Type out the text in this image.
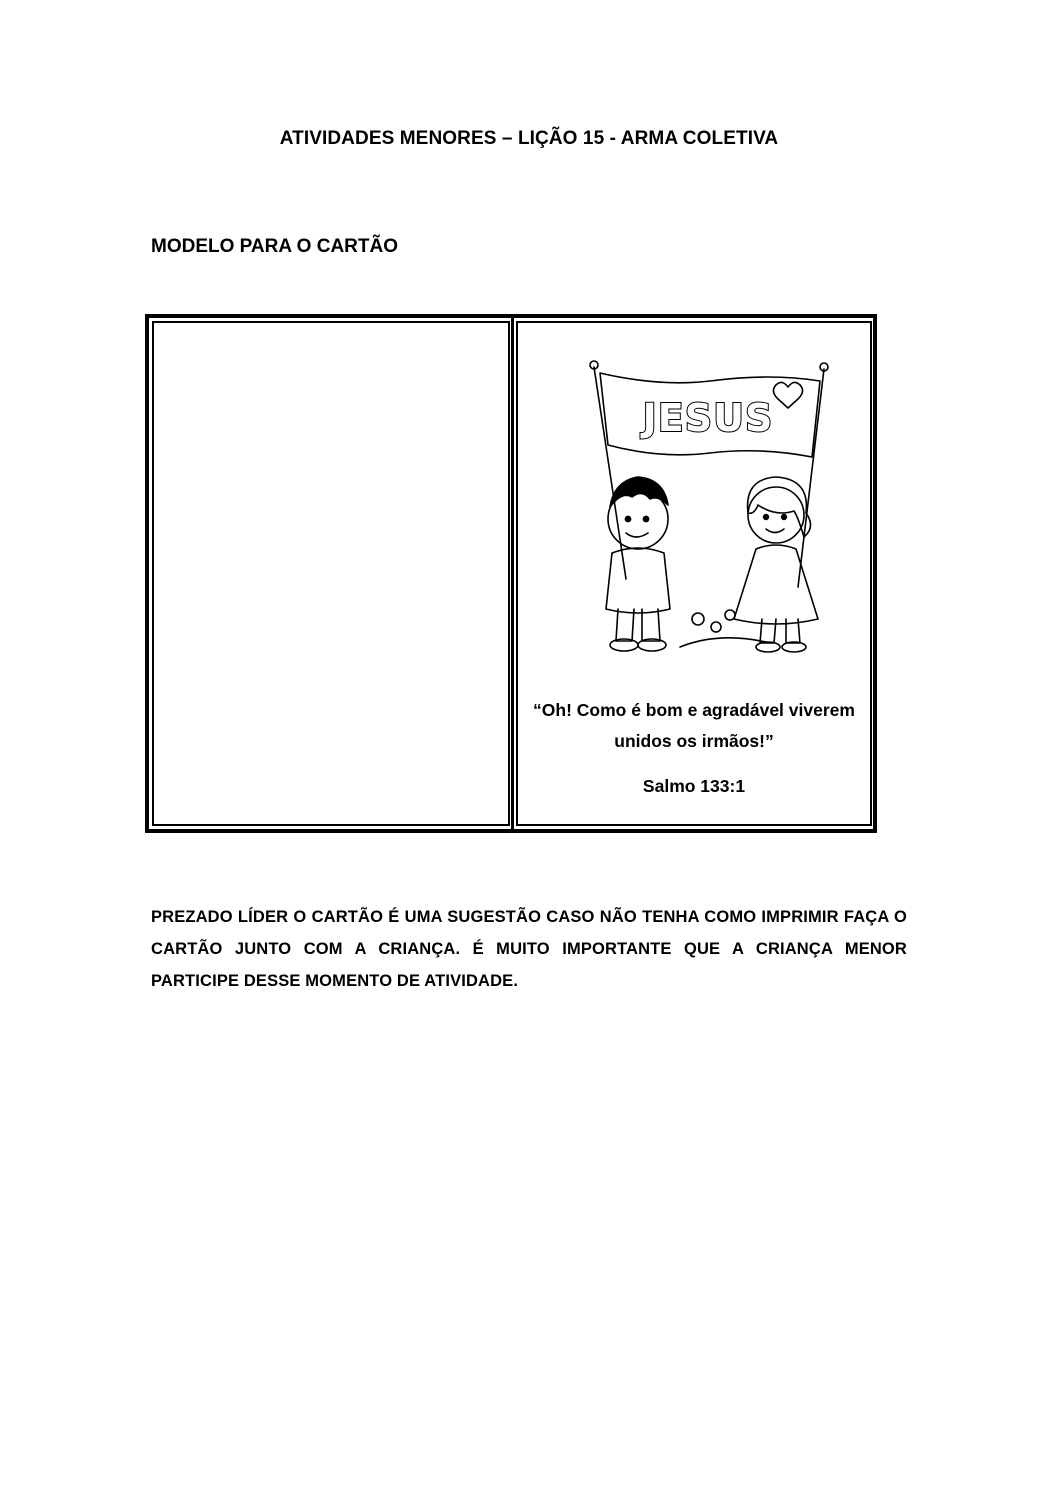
ATIVIDADES MENORES – LIÇÃO 15 - ARMA COLETIVA
MODELO PARA O CARTÃO
JESUS
“Oh! Como é bom e agradável viverem unidos os irmãos!”
Salmo 133:1
PREZADO LÍDER O CARTÃO É UMA SUGESTÃO CASO NÃO TENHA COMO IMPRIMIR FAÇA O CARTÃO JUNTO COM A CRIANÇA. É MUITO IMPORTANTE QUE A CRIANÇA MENOR PARTICIPE DESSE MOMENTO DE ATIVIDADE.
